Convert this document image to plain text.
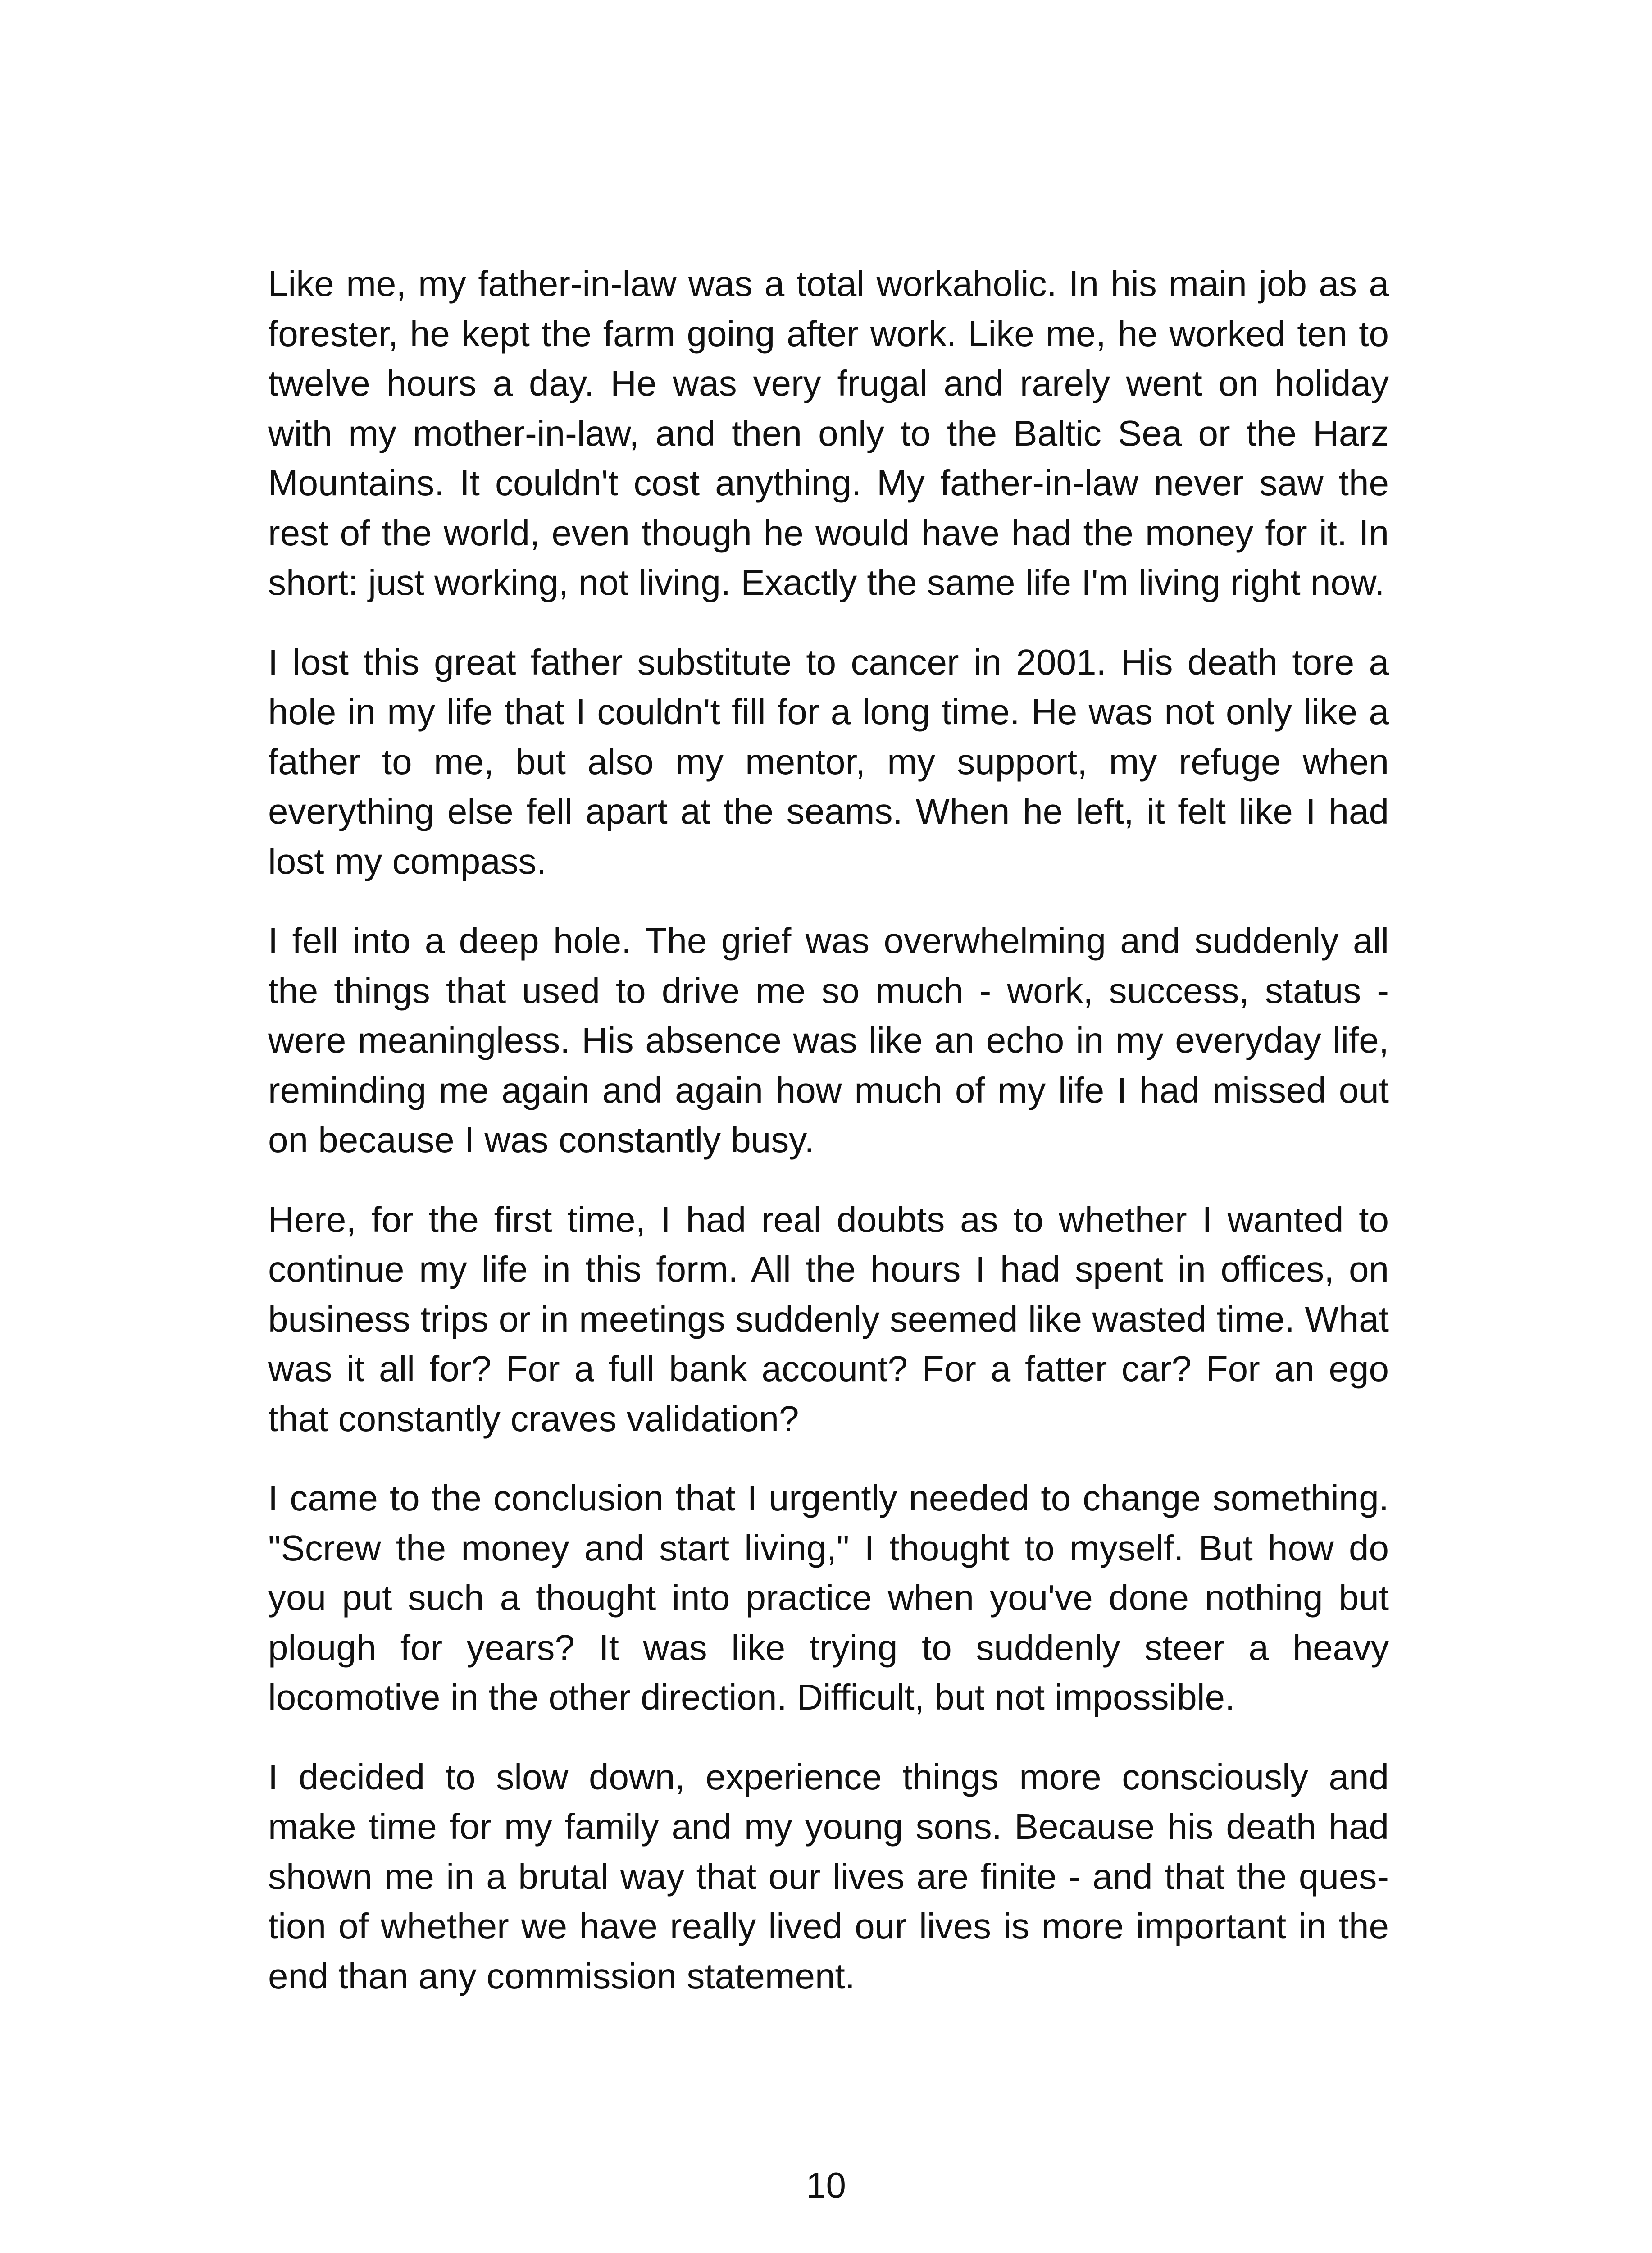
Like me, my father-in-law was a total workaholic. In his main job as a forester, he kept the farm going after work. Like me, he worked ten to twelve hours a day. He was very frugal and rarely went on holiday with my mother-in-law, and then only to the Baltic Sea or the Harz Mountains. It couldn't cost anything. My father-in-law never saw the rest of the world, even though he would have had the money for it. In short: just working, not living. Exactly the same life I'm living right now.

I lost this great father substitute to cancer in 2001. His death tore a hole in my life that I couldn't fill for a long time. He was not only like a father to me, but also my mentor, my support, my refuge when everything else fell apart at the seams. When he left, it felt like I had lost my compass.

I fell into a deep hole. The grief was overwhelming and suddenly all the things that used to drive me so much - work, success, status - were meaningless. His absence was like an echo in my everyday life, reminding me again and again how much of my life I had missed out on because I was constantly busy.

Here, for the first time, I had real doubts as to whether I wanted to continue my life in this form. All the hours I had spent in offices, on business trips or in meetings suddenly seemed like wasted time. What was it all for? For a full bank account? For a fatter car? For an ego that constantly craves validation?

I came to the conclusion that I urgently needed to change something. "Screw the money and start living," I thought to myself. But how do you put such a thought into practice when you've done nothing but plough for years? It was like trying to suddenly steer a heavy locomotive in the other direction. Difficult, but not impossible.

I decided to slow down, experience things more consciously and make time for my family and my young sons. Because his death had shown me in a brutal way that our lives are finite - and that the question of whether we have really lived our lives is more important in the end than any commission statement.

10
